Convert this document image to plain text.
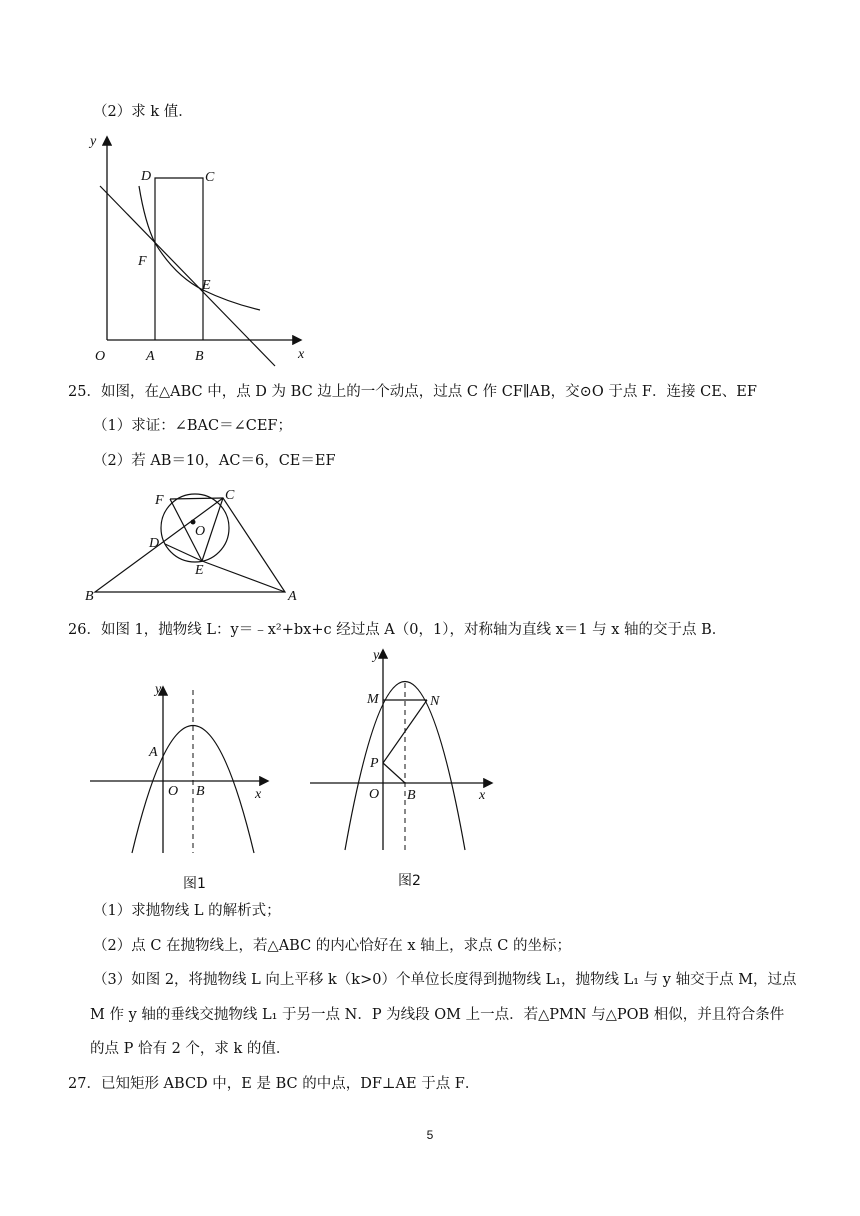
（2）求 k 值．
y
x
O	A	B
C
D
E
F
25．如图，在△ABC 中，点 D 为 BC 边上的一个动点，过点 C 作 CF∥AB，交⊙O 于点 F．连接 CE、EF
（1）求证：∠BAC＝∠CEF；
（2）若 AB＝10，AC＝6，CE＝EF
B	A
C
F
D
E
O
26．如图 1，抛物线 L：y＝﹣x²+bx+c 经过点 A（0，1），对称轴为直线 x＝1 与 x 轴的交于点 B．
y
x
O B
A
图1
y
x
O B
M	N
P
图2
（1）求抛物线 L 的解析式；
（2）点 C 在抛物线上，若△ABC 的内心恰好在 x 轴上，求点 C 的坐标；
（3）如图 2，将抛物线 L 向上平移 k（k>0）个单位长度得到抛物线 L₁，抛物线 L₁ 与 y 轴交于点 M，过点
M 作 y 轴的垂线交抛物线 L₁ 于另一点 N．P 为线段 OM 上一点．若△PMN 与△POB 相似，并且符合条件
的点 P 恰有 2 个，求 k 的值．
27．已知矩形 ABCD 中，E 是 BC 的中点，DF⊥AE 于点 F．
5
